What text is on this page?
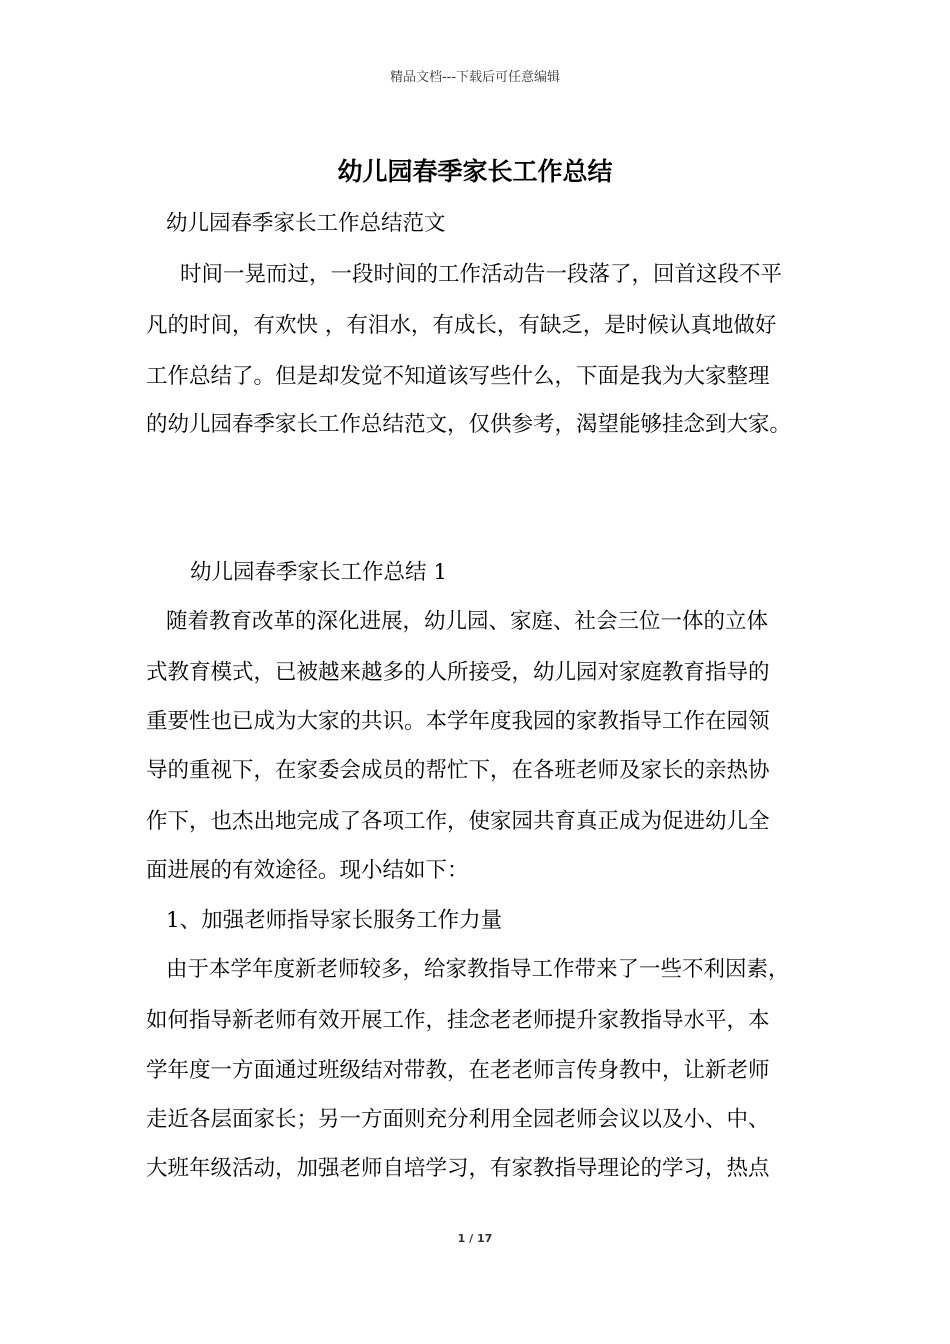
精品文档---下载后可任意编辑
幼儿园春季家长工作总结
幼儿园春季家长工作总结范文
时间一晃而过，一段时间的工作活动告一段落了，回首这段不平
凡的时间，有欢快 ，有泪水，有成长，有缺乏，是时候认真地做好
工作总结了。但是却发觉不知道该写些什么，下面是我为大家整理
的幼儿园春季家长工作总结范文，仅供参考，渴望能够挂念到大家。
幼儿园春季家长工作总结 1
随着教育改革的深化进展，幼儿园、家庭、社会三位一体的立体
式教育模式，已被越来越多的人所接受，幼儿园对家庭教育指导的
重要性也已成为大家的共识。本学年度我园的家教指导工作在园领
导的重视下，在家委会成员的帮忙下，在各班老师及家长的亲热协
作下，也杰出地完成了各项工作，使家园共育真正成为促进幼儿全
面进展的有效途径。现小结如下：
1、加强老师指导家长服务工作力量
由于本学年度新老师较多，给家教指导工作带来了一些不利因素，
如何指导新老师有效开展工作，挂念老老师提升家教指导水平，本
学年度一方面通过班级结对带教，在老老师言传身教中，让新老师
走近各层面家长；另一方面则充分利用全园老师会议以及小、中、
大班年级活动，加强老师自培学习，有家教指导理论的学习，热点
1 / 17
